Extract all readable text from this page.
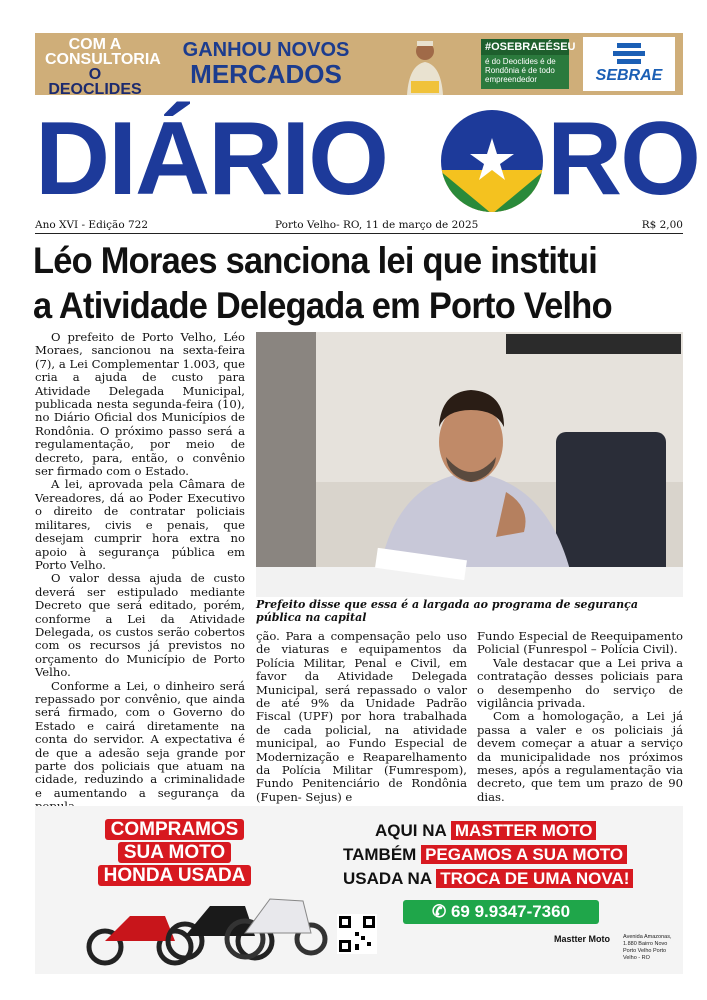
COM A
CONSULTORIA
O DEOCLIDES
GANHOU NOVOS
MERCADOS
#OSEBRAEÉSEU
é do Deoclides é de Rondônia é de todo empreendedor	SEBRAE
DIÁRIO RO
Ano XVI - Edição 722	Porto Velho- RO, 11 de março de 2025	R$ 2,00
Léo Moraes sanciona lei que institui
a Atividade Delegada em Porto Velho

O prefeito de Porto Velho, Léo Moraes, sancionou na sexta-feira (7), a Lei Complementar 1.003, que cria a ajuda de custo para Atividade Delegada Municipal, publicada nesta segunda-feira (10), no Diário Oficial dos Municípios de Rondônia. O próximo passo será a regulamentação, por meio de decreto, para, então, o convênio ser firmado com o Estado.

A lei, aprovada pela Câmara de Vereadores, dá ao Poder Executivo o direito de contratar policiais militares, civis e penais, que desejam cumprir hora extra no apoio à segurança pública em Porto Velho.

O valor dessa ajuda de custo deverá ser estipulado mediante Decreto que será editado, porém, conforme a Lei da Atividade Delegada, os custos serão cobertos com os recursos já previstos no orçamento do Município de Porto Velho.

Conforme a Lei, o dinheiro será repassado por convênio, que ainda será firmado, com o Governo do Estado e cairá diretamente na conta do servidor. A expectativa é de que a adesão seja grande por parte dos policiais que atuam na cidade, reduzindo a criminalidade e aumentando a segurança da

Prefeito disse que essa é a largada ao programa de segurança pública na capital

ção. Para a compensação pelo uso de viaturas e equipamentos da Polícia Militar, Penal e Civil, em favor da Atividade Delegada Municipal, será repassado o valor de até 9% da Unidade Padrão Fiscal (UPF) por hora trabalhada de cada policial, na atividade municipal, ao Fundo Especial de Modernização e Reaparelhamento da Polícia Militar (Fumrespom), Fundo Penitenciário de Rondônia (Fupen- Sejus) e

Fundo Especial de Reequipamento Policial (Funrespol – Polícia Civil).

Vale destacar que a Lei priva a contratação desses policiais para o desempenho do serviço de vigilância privada.

Com a homologação, a Lei já passa a valer e os policiais já devem começar a atuar a serviço da municipalidade nos próximos meses, após a regulamentação via decreto, que tem um prazo de 90 dias.

COMPRAMOS
SUA MOTO
HONDA USADA
AQUI NA MASTTER MOTO
TAMBÉM PEGAMOS A SUA MOTO
USADA NA TROCA DE UMA NOVA!
✆ 69 9.9347-7360
Mastter Moto	Avenida Amazonas, 1.880 Bairro Novo Porto Velho Porto Velho - RO
